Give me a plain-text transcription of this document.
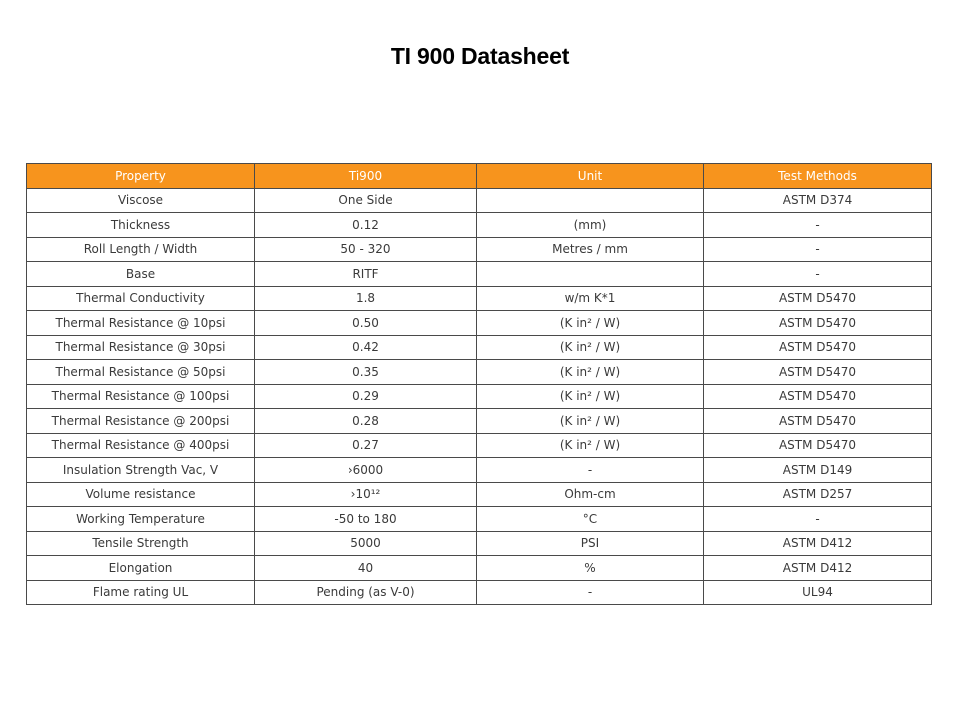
TI 900 Datasheet
Property	Ti900	Unit	Test Methods
Viscose	One Side		ASTM D374
Thickness	0.12	(mm)	-
Roll Length / Width	50 - 320	Metres / mm	-
Base	RITF		-
Thermal Conductivity	1.8	w/m K*1	ASTM D5470
Thermal Resistance @ 10psi	0.50	(K in² / W)	ASTM D5470
Thermal Resistance @ 30psi	0.42	(K in² / W)	ASTM D5470
Thermal Resistance @ 50psi	0.35	(K in² / W)	ASTM D5470
Thermal Resistance @ 100psi	0.29	(K in² / W)	ASTM D5470
Thermal Resistance @ 200psi	0.28	(K in² / W)	ASTM D5470
Thermal Resistance @ 400psi	0.27	(K in² / W)	ASTM D5470
Insulation Strength Vac, V	›6000	-	ASTM D149
Volume resistance	›10¹²	Ohm-cm	ASTM D257
Working Temperature	-50 to 180	°C	-
Tensile Strength	5000	PSI	ASTM D412
Elongation	40	%	ASTM D412
Flame rating UL	Pending (as V-0)	-	UL94
